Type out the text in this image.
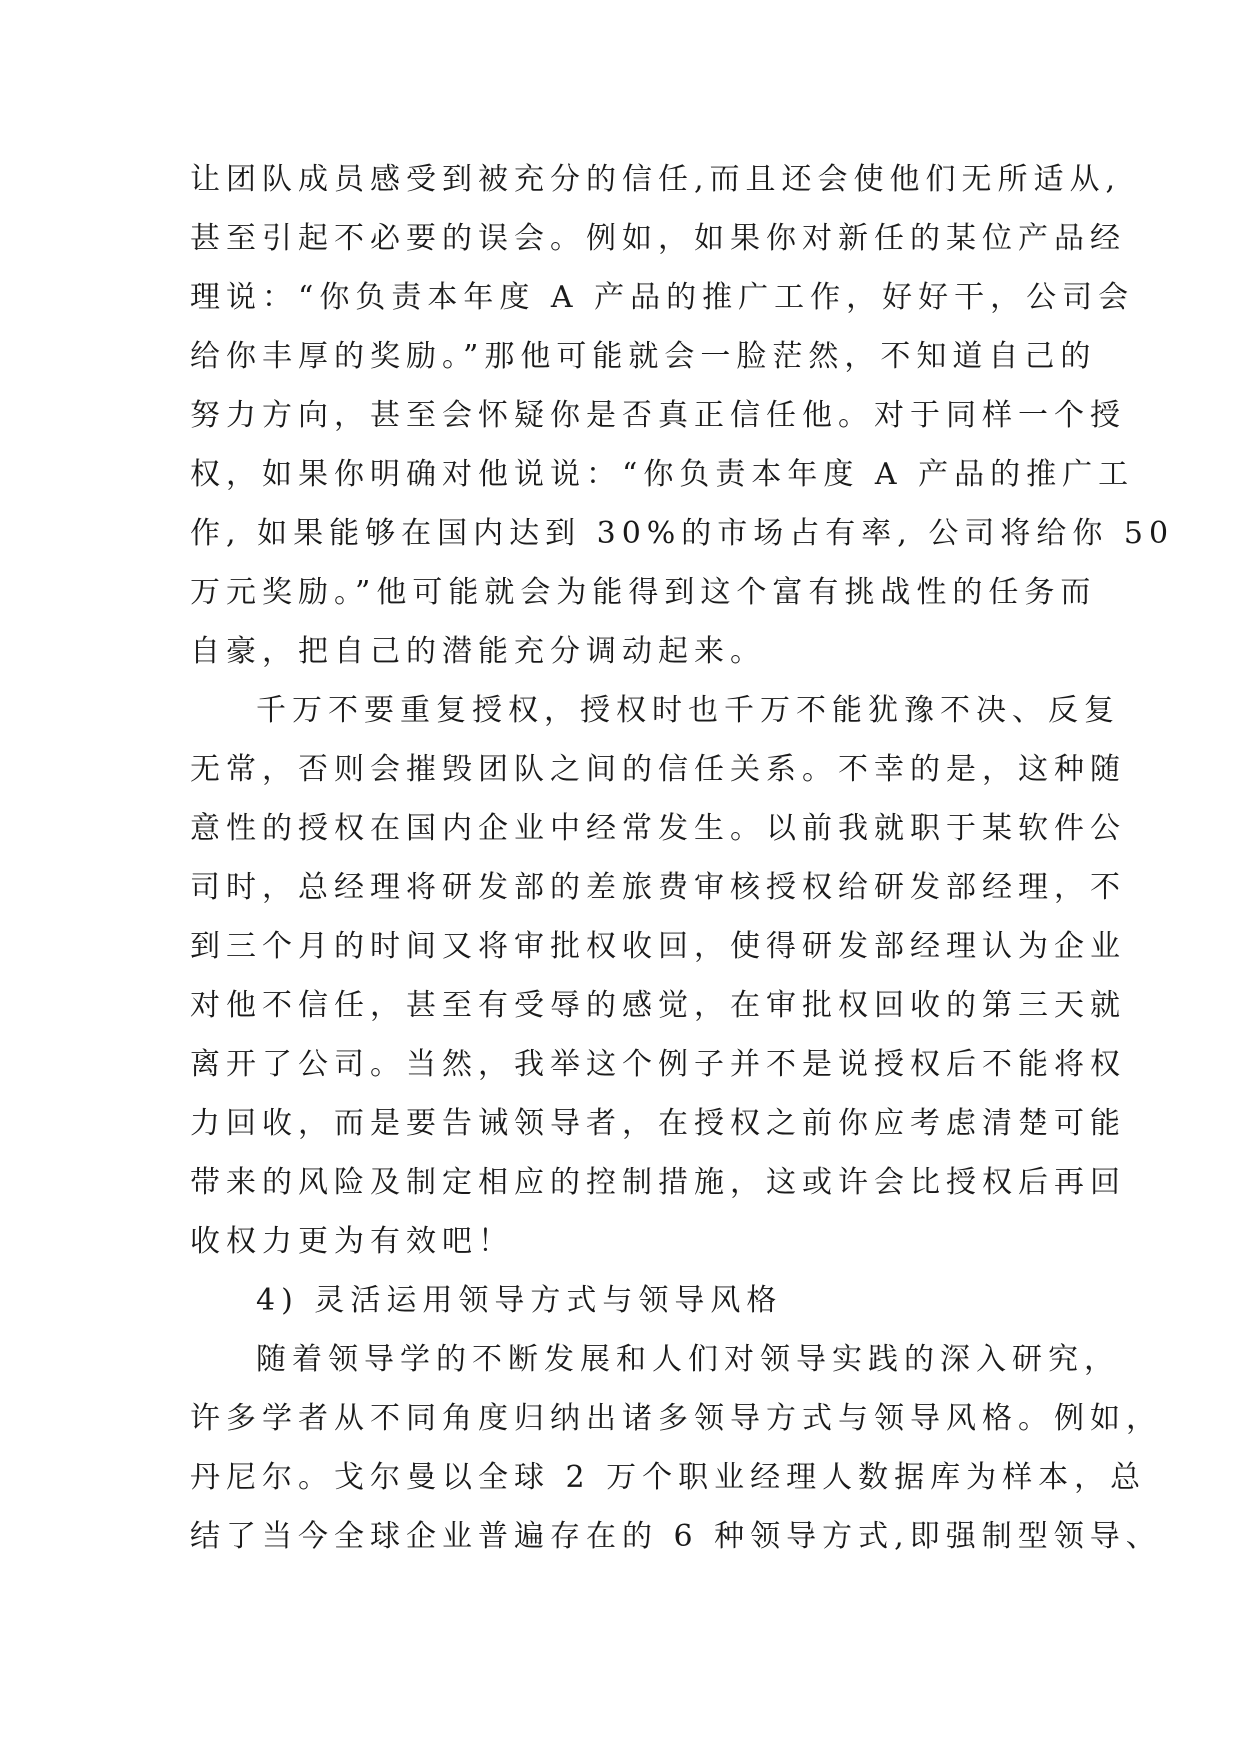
让团队成员感受到被充分的信任,而且还会使他们无所适从,
甚至引起不必要的误会。例如，如果你对新任的某位产品经
理说：“你负责本年度 A 产品的推广工作，好好干，公司会
给你丰厚的奖励。”那他可能就会一脸茫然，不知道自己的
努力方向，甚至会怀疑你是否真正信任他。对于同样一个授
权，如果你明确对他说说：“你负责本年度 A 产品的推广工
作, 如果能够在国内达到 30%的市场占有率, 公司将给你 50
万元奖励。”他可能就会为能得到这个富有挑战性的任务而
自豪，把自己的潜能充分调动起来。
千万不要重复授权，授权时也千万不能犹豫不决、反复
无常，否则会摧毁团队之间的信任关系。不幸的是，这种随
意性的授权在国内企业中经常发生。以前我就职于某软件公
司时，总经理将研发部的差旅费审核授权给研发部经理，不
到三个月的时间又将审批权收回，使得研发部经理认为企业
对他不信任，甚至有受辱的感觉，在审批权回收的第三天就
离开了公司。当然，我举这个例子并不是说授权后不能将权
力回收，而是要告诫领导者，在授权之前你应考虑清楚可能
带来的风险及制定相应的控制措施，这或许会比授权后再回
收权力更为有效吧！
4) 灵活运用领导方式与领导风格
随着领导学的不断发展和人们对领导实践的深入研究，
许多学者从不同角度归纳出诸多领导方式与领导风格。例如，
丹尼尔。戈尔曼以全球 2 万个职业经理人数据库为样本，总
结了当今全球企业普遍存在的 6 种领导方式,即强制型领导、
